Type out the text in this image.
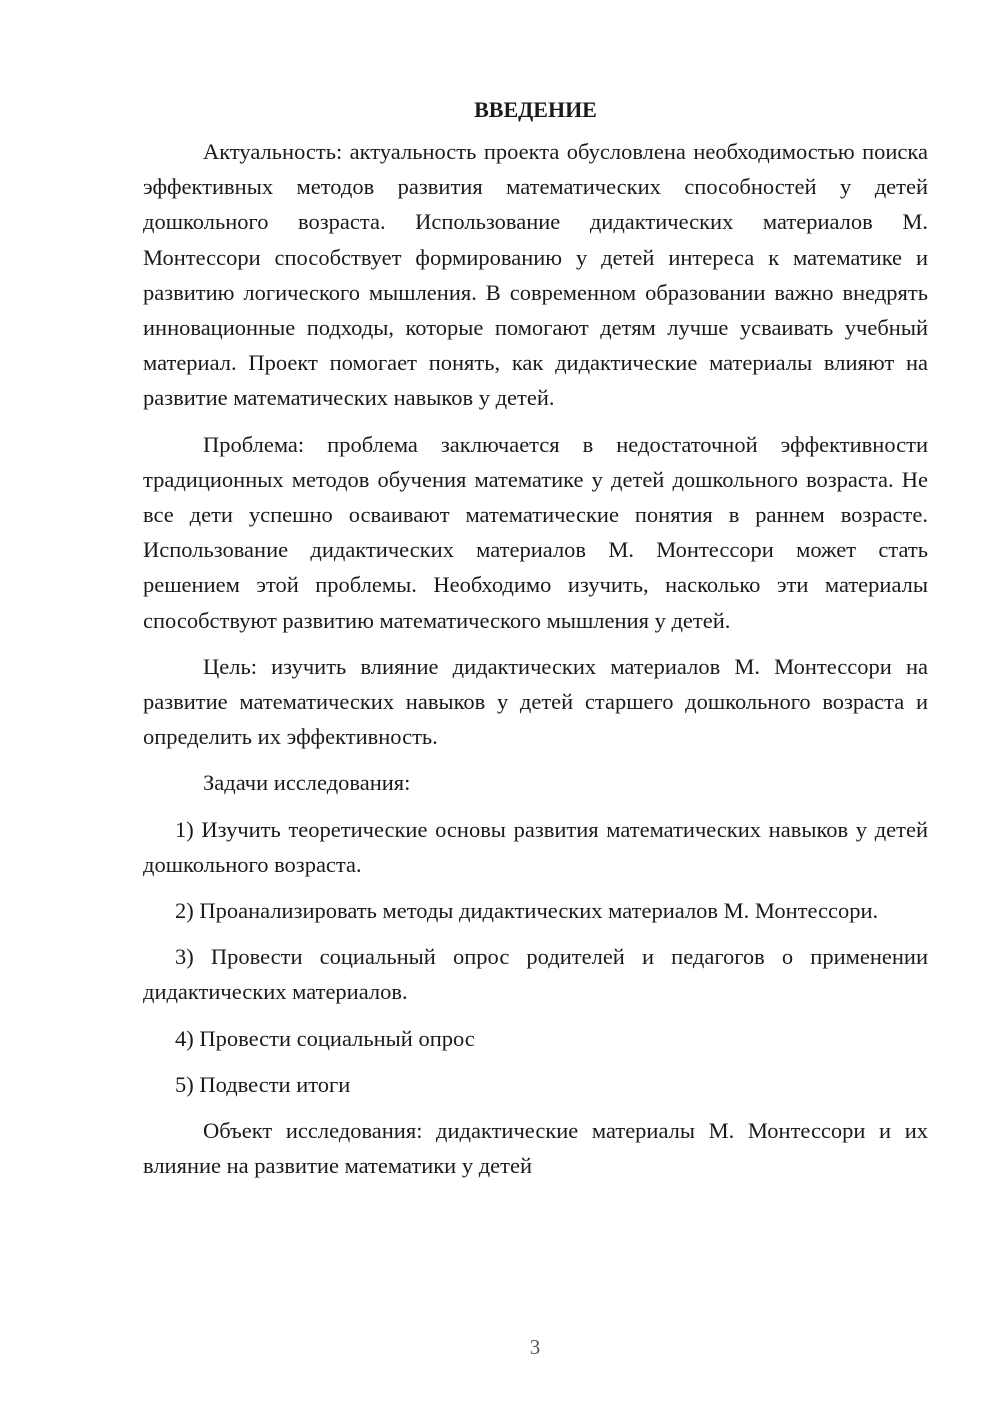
ВВЕДЕНИЕ

Актуальность: актуальность проекта обусловлена необходимостью поиска эффективных методов развития математических способностей у детей дошкольного возраста. Использование дидактических материалов М. Монтессори способствует формированию у детей интереса к математике и развитию логического мышления. В современном образовании важно внедрять инновационные подходы, которые помогают детям лучше усваивать учебный материал. Проект помогает понять, как дидактические материалы влияют на развитие математических навыков у детей.

Проблема: проблема заключается в недостаточной эффективности традиционных методов обучения математике у детей дошкольного возраста. Не все дети успешно осваивают математические понятия в раннем возрасте. Использование дидактических материалов М. Монтессори может стать решением этой проблемы. Необходимо изучить, насколько эти материалы способствуют развитию математического мышления у детей.

Цель: изучить влияние дидактических материалов М. Монтессори на развитие математических навыков у детей старшего дошкольного возраста и определить их эффективность.

Задачи исследования:

1) Изучить теоретические основы развития математических навыков у детей дошкольного возраста.

2) Проанализировать методы дидактических материалов М. Монтессори.

3) Провести социальный опрос родителей и педагогов о применении дидактических материалов.

4) Провести социальный опрос

5) Подвести итоги

Объект исследования: дидактические материалы М. Монтессори и их влияние на развитие математики у детей

3
